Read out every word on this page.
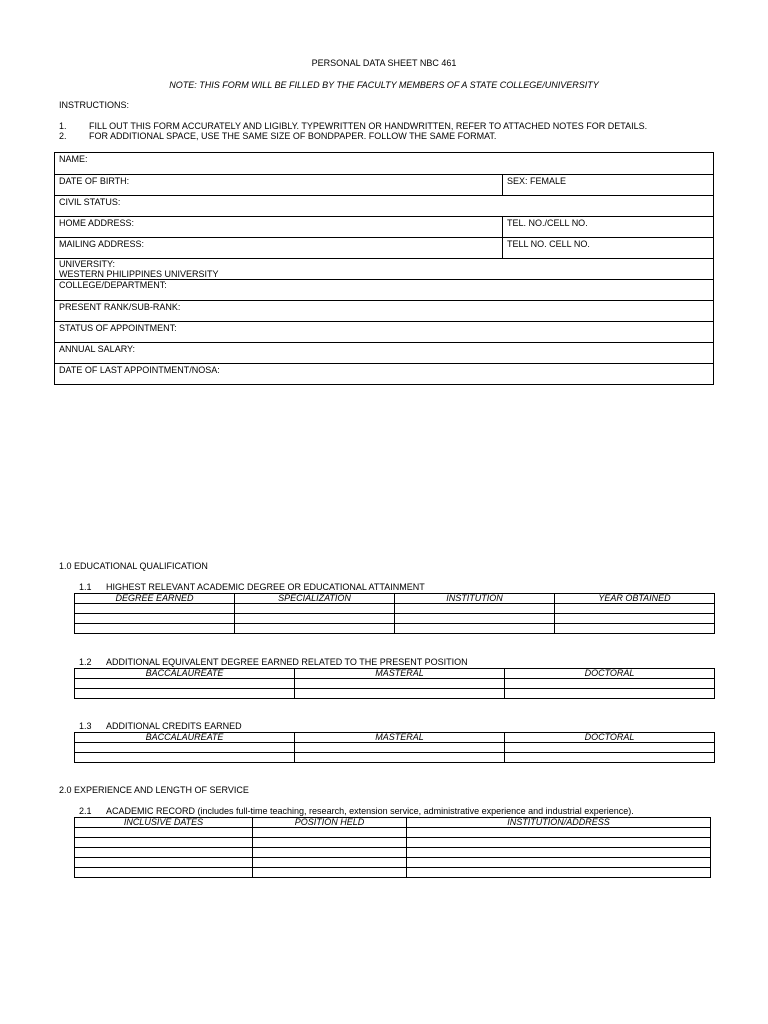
PERSONAL DATA SHEET NBC 461
NOTE: THIS FORM WILL BE FILLED BY THE FACULTY MEMBERS OF A STATE COLLEGE/UNIVERSITY
INSTRUCTIONS:
1. FILL OUT THIS FORM ACCURATELY AND LIGIBLY. TYPEWRITTEN OR HANDWRITTEN, REFER TO ATTACHED NOTES FOR DETAILS.
2. FOR ADDITIONAL SPACE, USE THE SAME SIZE OF BONDPAPER. FOLLOW THE SAME FORMAT.
NAME:
DATE OF BIRTH:	SEX: FEMALE
CIVIL STATUS:
HOME ADDRESS:	TEL. NO./CELL NO.
MAILING ADDRESS:	TELL NO. CELL NO.
UNIVERSITY:
WESTERN PHILIPPINES UNIVERSITY
COLLEGE/DEPARTMENT:
PRESENT RANK/SUB-RANK:
STATUS OF APPOINTMENT:
ANNUAL SALARY:
DATE OF LAST APPOINTMENT/NOSA:
1.0 EDUCATIONAL QUALIFICATION
1.1 HIGHEST RELEVANT ACADEMIC DEGREE OR EDUCATIONAL ATTAINMENT
DEGREE EARNED	SPECIALIZATION	INSTITUTION	YEAR OBTAINED

1.2 ADDITIONAL EQUIVALENT DEGREE EARNED RELATED TO THE PRESENT POSITION
BACCALAUREATE	MASTERAL	DOCTORAL

1.3 ADDITIONAL CREDITS EARNED
BACCALAUREATE	MASTERAL	DOCTORAL

2.0 EXPERIENCE AND LENGTH OF SERVICE
2.1 ACADEMIC RECORD (includes full-time teaching, research, extension service, administrative experience and industrial experience).
INCLUSIVE DATES	POSITION HELD	INSTITUTION/ADDRESS
